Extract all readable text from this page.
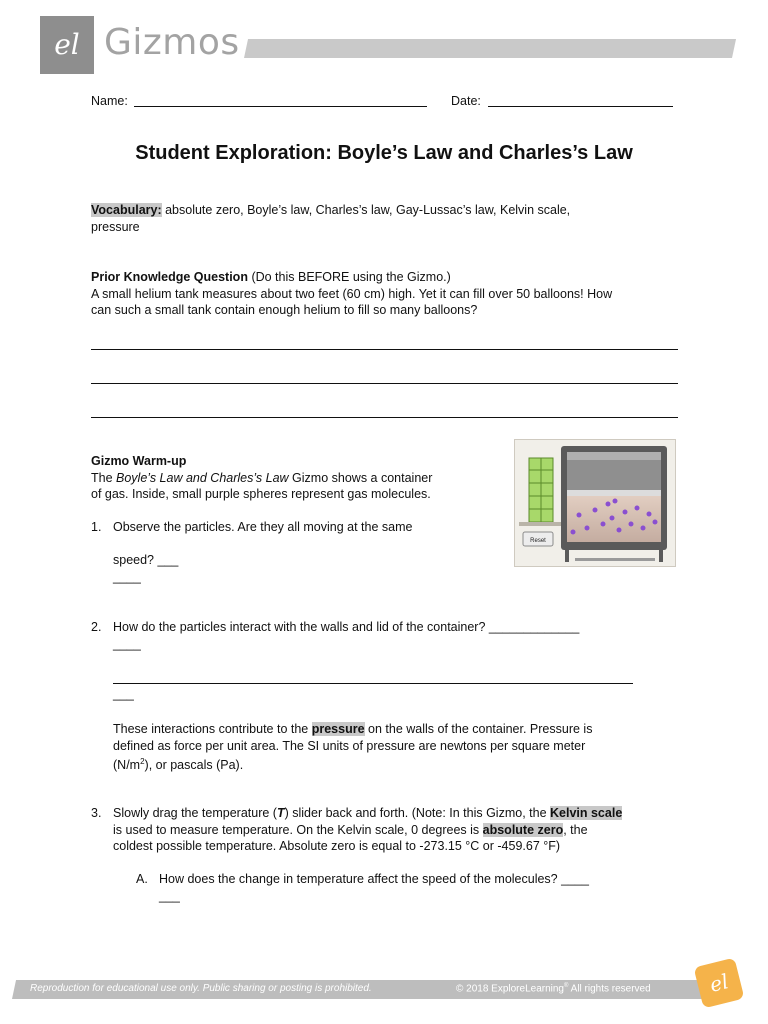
el Gizmos
Name:	Date:
Student Exploration: Boyle’s Law and Charles’s Law
Vocabulary: absolute zero, Boyle’s law, Charles’s law, Gay-Lussac’s law, Kelvin scale,
pressure
Prior Knowledge Question (Do this BEFORE using the Gizmo.)
A small helium tank measures about two feet (60 cm) high. Yet it can fill over 50 balloons! How
can such a small tank contain enough helium to fill so many balloons?
Gizmo Warm-up
The Boyle’s Law and Charles’s Law Gizmo shows a container
of gas. Inside, small purple spheres represent gas molecules.
Reset
1. Observe the particles. Are they all moving at the same
speed? ___
____
2. How do the particles interact with the walls and lid of the container? _____________
____
___
These interactions contribute to the pressure on the walls of the container. Pressure is
defined as force per unit area. The SI units of pressure are newtons per square meter
$(N/m^2)$, or pascals (Pa).
3. Slowly drag the temperature (T) slider back and forth. (Note: In this Gizmo, the Kelvin scale
is used to measure temperature. On the Kelvin scale, 0 degrees is absolute zero, the
coldest possible temperature. Absolute zero is equal to -273.15 °C or -459.67 °F)
A. How does the change in temperature affect the speed of the molecules? ____
___
Reproduction for educational use only. Public sharing or posting is prohibited.	© 2018 ExploreLearning® All rights reserved	el
